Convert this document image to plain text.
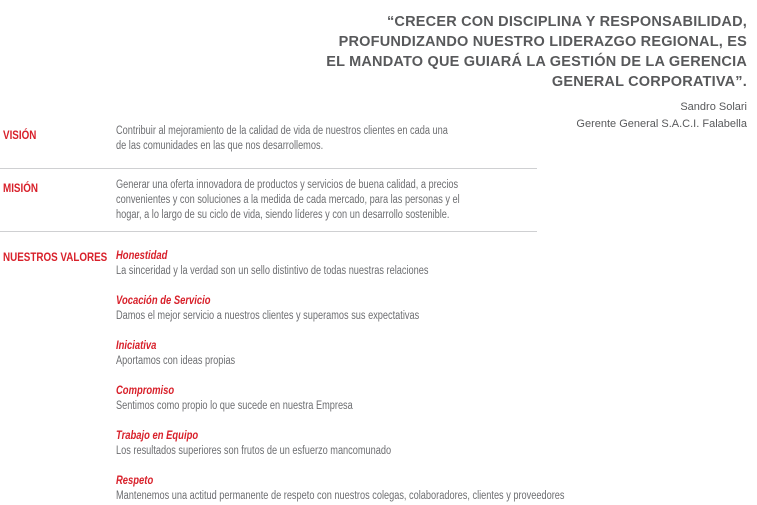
“CRECER CON DISCIPLINA Y RESPONSABILIDAD,
PROFUNDIZANDO NUESTRO LIDERAZGO REGIONAL, ES
EL MANDATO QUE GUIARÁ LA GESTIÓN DE LA GERENCIA
GENERAL CORPORATIVA”.
Sandro Solari
Gerente General S.A.C.I. Falabella
VISIÓN	Contribuir al mejoramiento de la calidad de vida de nuestros clientes en cada una
de las comunidades en las que nos desarrollemos.
MISIÓN	Generar una oferta innovadora de productos y servicios de buena calidad, a precios
convenientes y con soluciones a la medida de cada mercado, para las personas y el
hogar, a lo largo de su ciclo de vida, siendo líderes y con un desarrollo sostenible.
NUESTROS VALORES Honestidad
La sinceridad y la verdad son un sello distintivo de todas nuestras relaciones
Vocación de Servicio
Damos el mejor servicio a nuestros clientes y superamos sus expectativas
Iniciativa
Aportamos con ideas propias
Compromiso
Sentimos como propio lo que sucede en nuestra Empresa
Trabajo en Equipo
Los resultados superiores son frutos de un esfuerzo mancomunado
Respeto
Mantenemos una actitud permanente de respeto con nuestros colegas, colaboradores, clientes y proveedores
